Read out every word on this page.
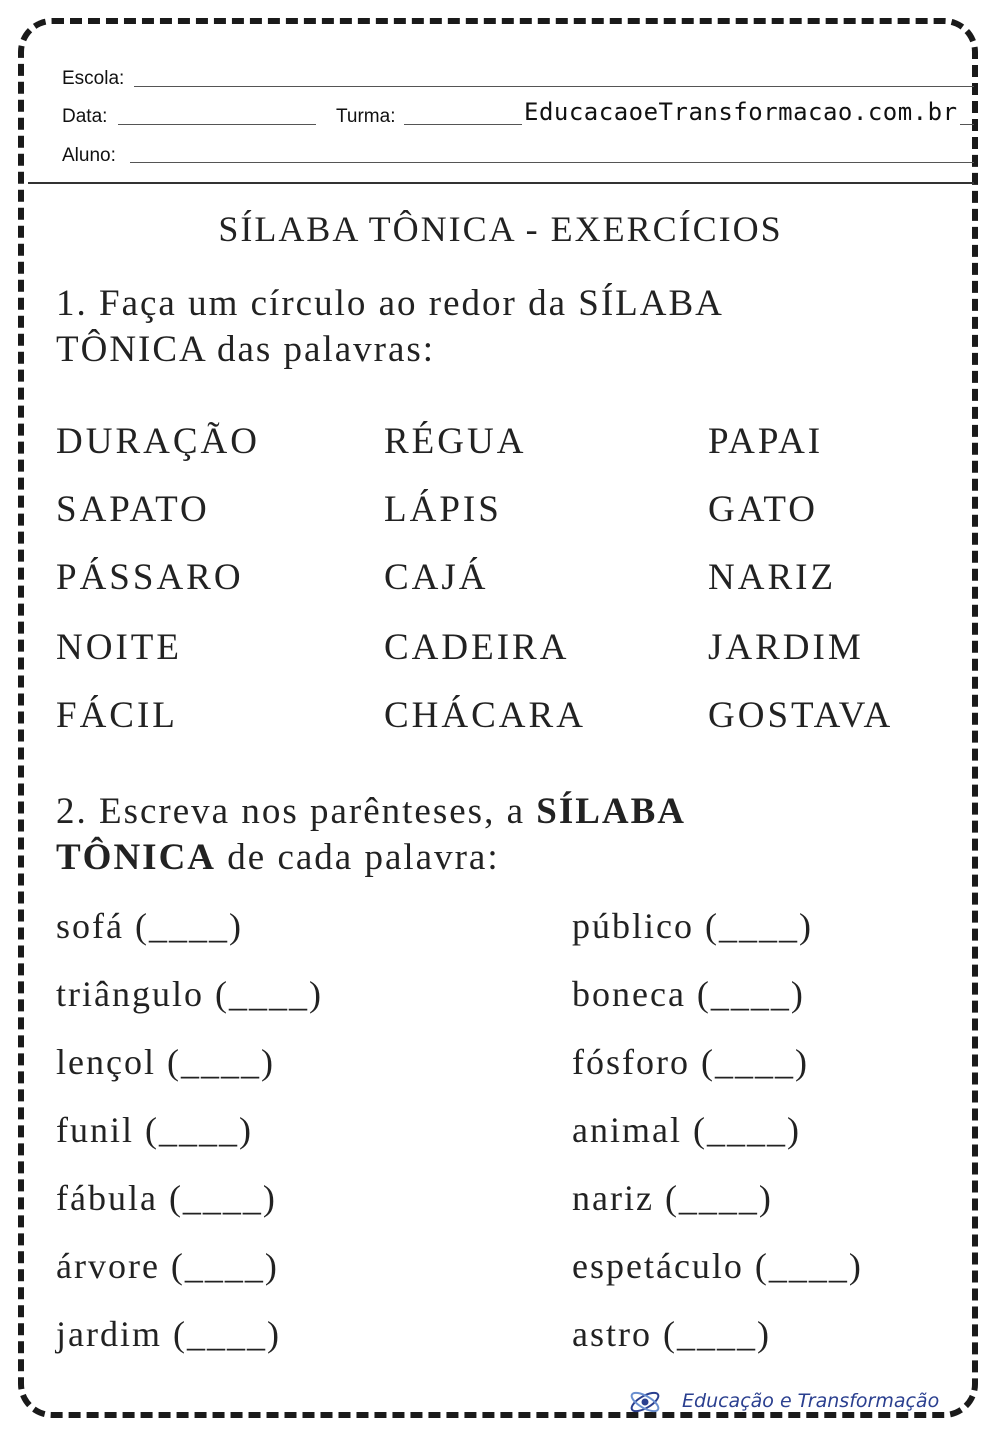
Escola:
Data:	Turma:	EducacaoeTransformacao.com.br
Aluno:
SÍLABA TÔNICA - EXERCÍCIOS
1. Faça um círculo ao redor da SÍLABA
TÔNICA das palavras:
DURAÇÃO	RÉGUA	PAPAI
SAPATO	LÁPIS	GATO
PÁSSARO	CAJÁ	NARIZ
NOITE	CADEIRA	JARDIM
FÁCIL	CHÁCARA	GOSTAVA
2. Escreva nos parênteses, a SÍLABA
TÔNICA de cada palavra:
sofá (____)	público (____)
triângulo (____)	boneca (____)
lençol (____)	fósforo (____)
funil (____)	animal (____)
fábula (____)	nariz (____)
árvore (____)	espetáculo (____)
jardim (____)	astro (____)
Educação e Transformação
